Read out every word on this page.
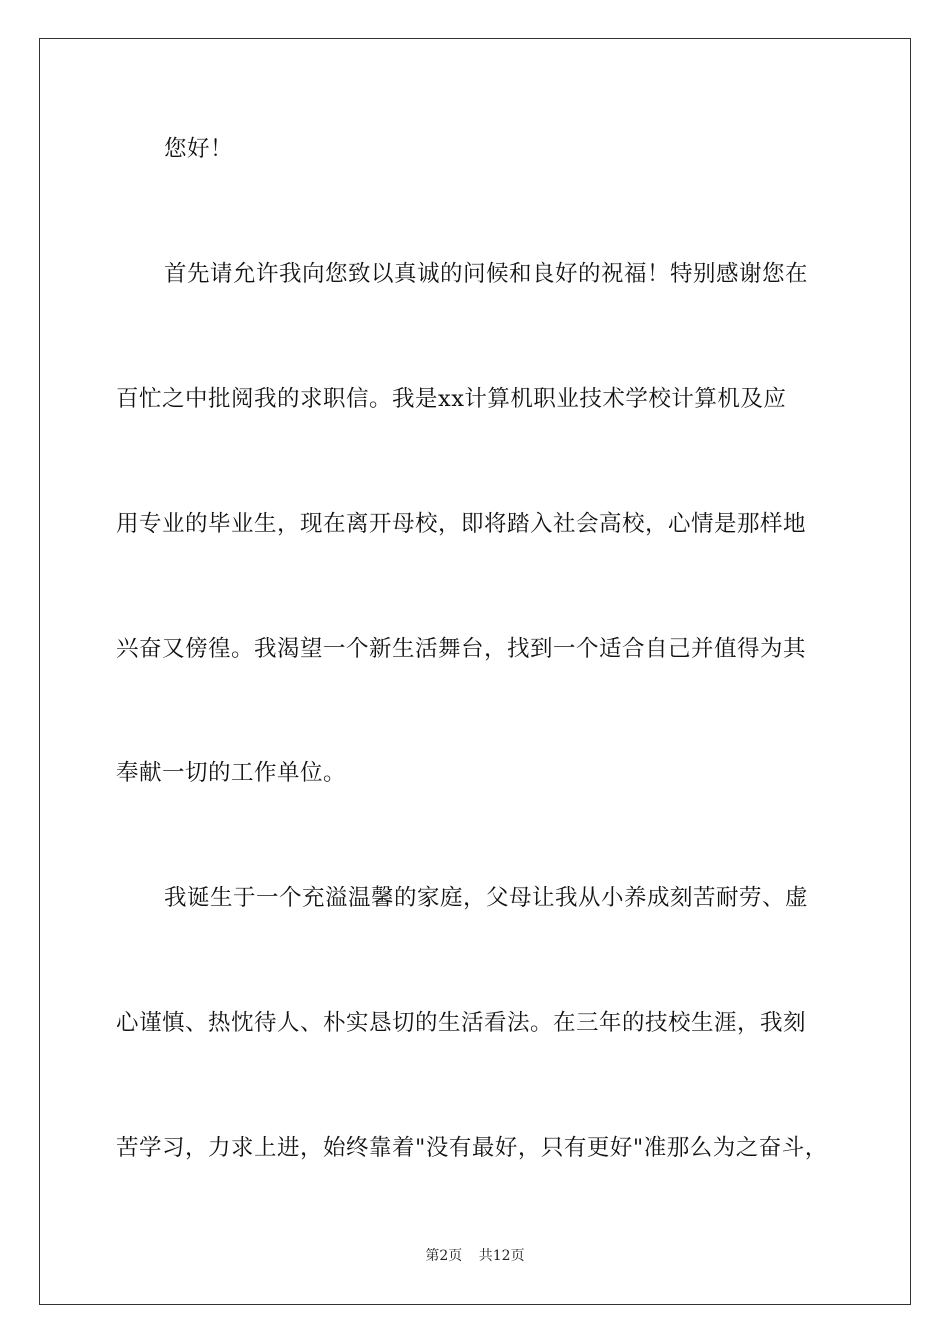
您好！
首先请允许我向您致以真诚的问候和良好的祝福！特别感谢您在
百忙之中批阅我的求职信。我是xx计算机职业技术学校计算机及应
用专业的毕业生，现在离开母校，即将踏入社会高校，心情是那样地
兴奋又傍徨。我渴望一个新生活舞台，找到一个适合自己并值得为其
奉献一切的工作单位。
我诞生于一个充溢温馨的家庭，父母让我从小养成刻苦耐劳、虚
心谨慎、热忱待人、朴实恳切的生活看法。在三年的技校生涯，我刻
苦学习，力求上进，始终靠着"没有最好，只有更好"准那么为之奋斗，
第2页 共12页
